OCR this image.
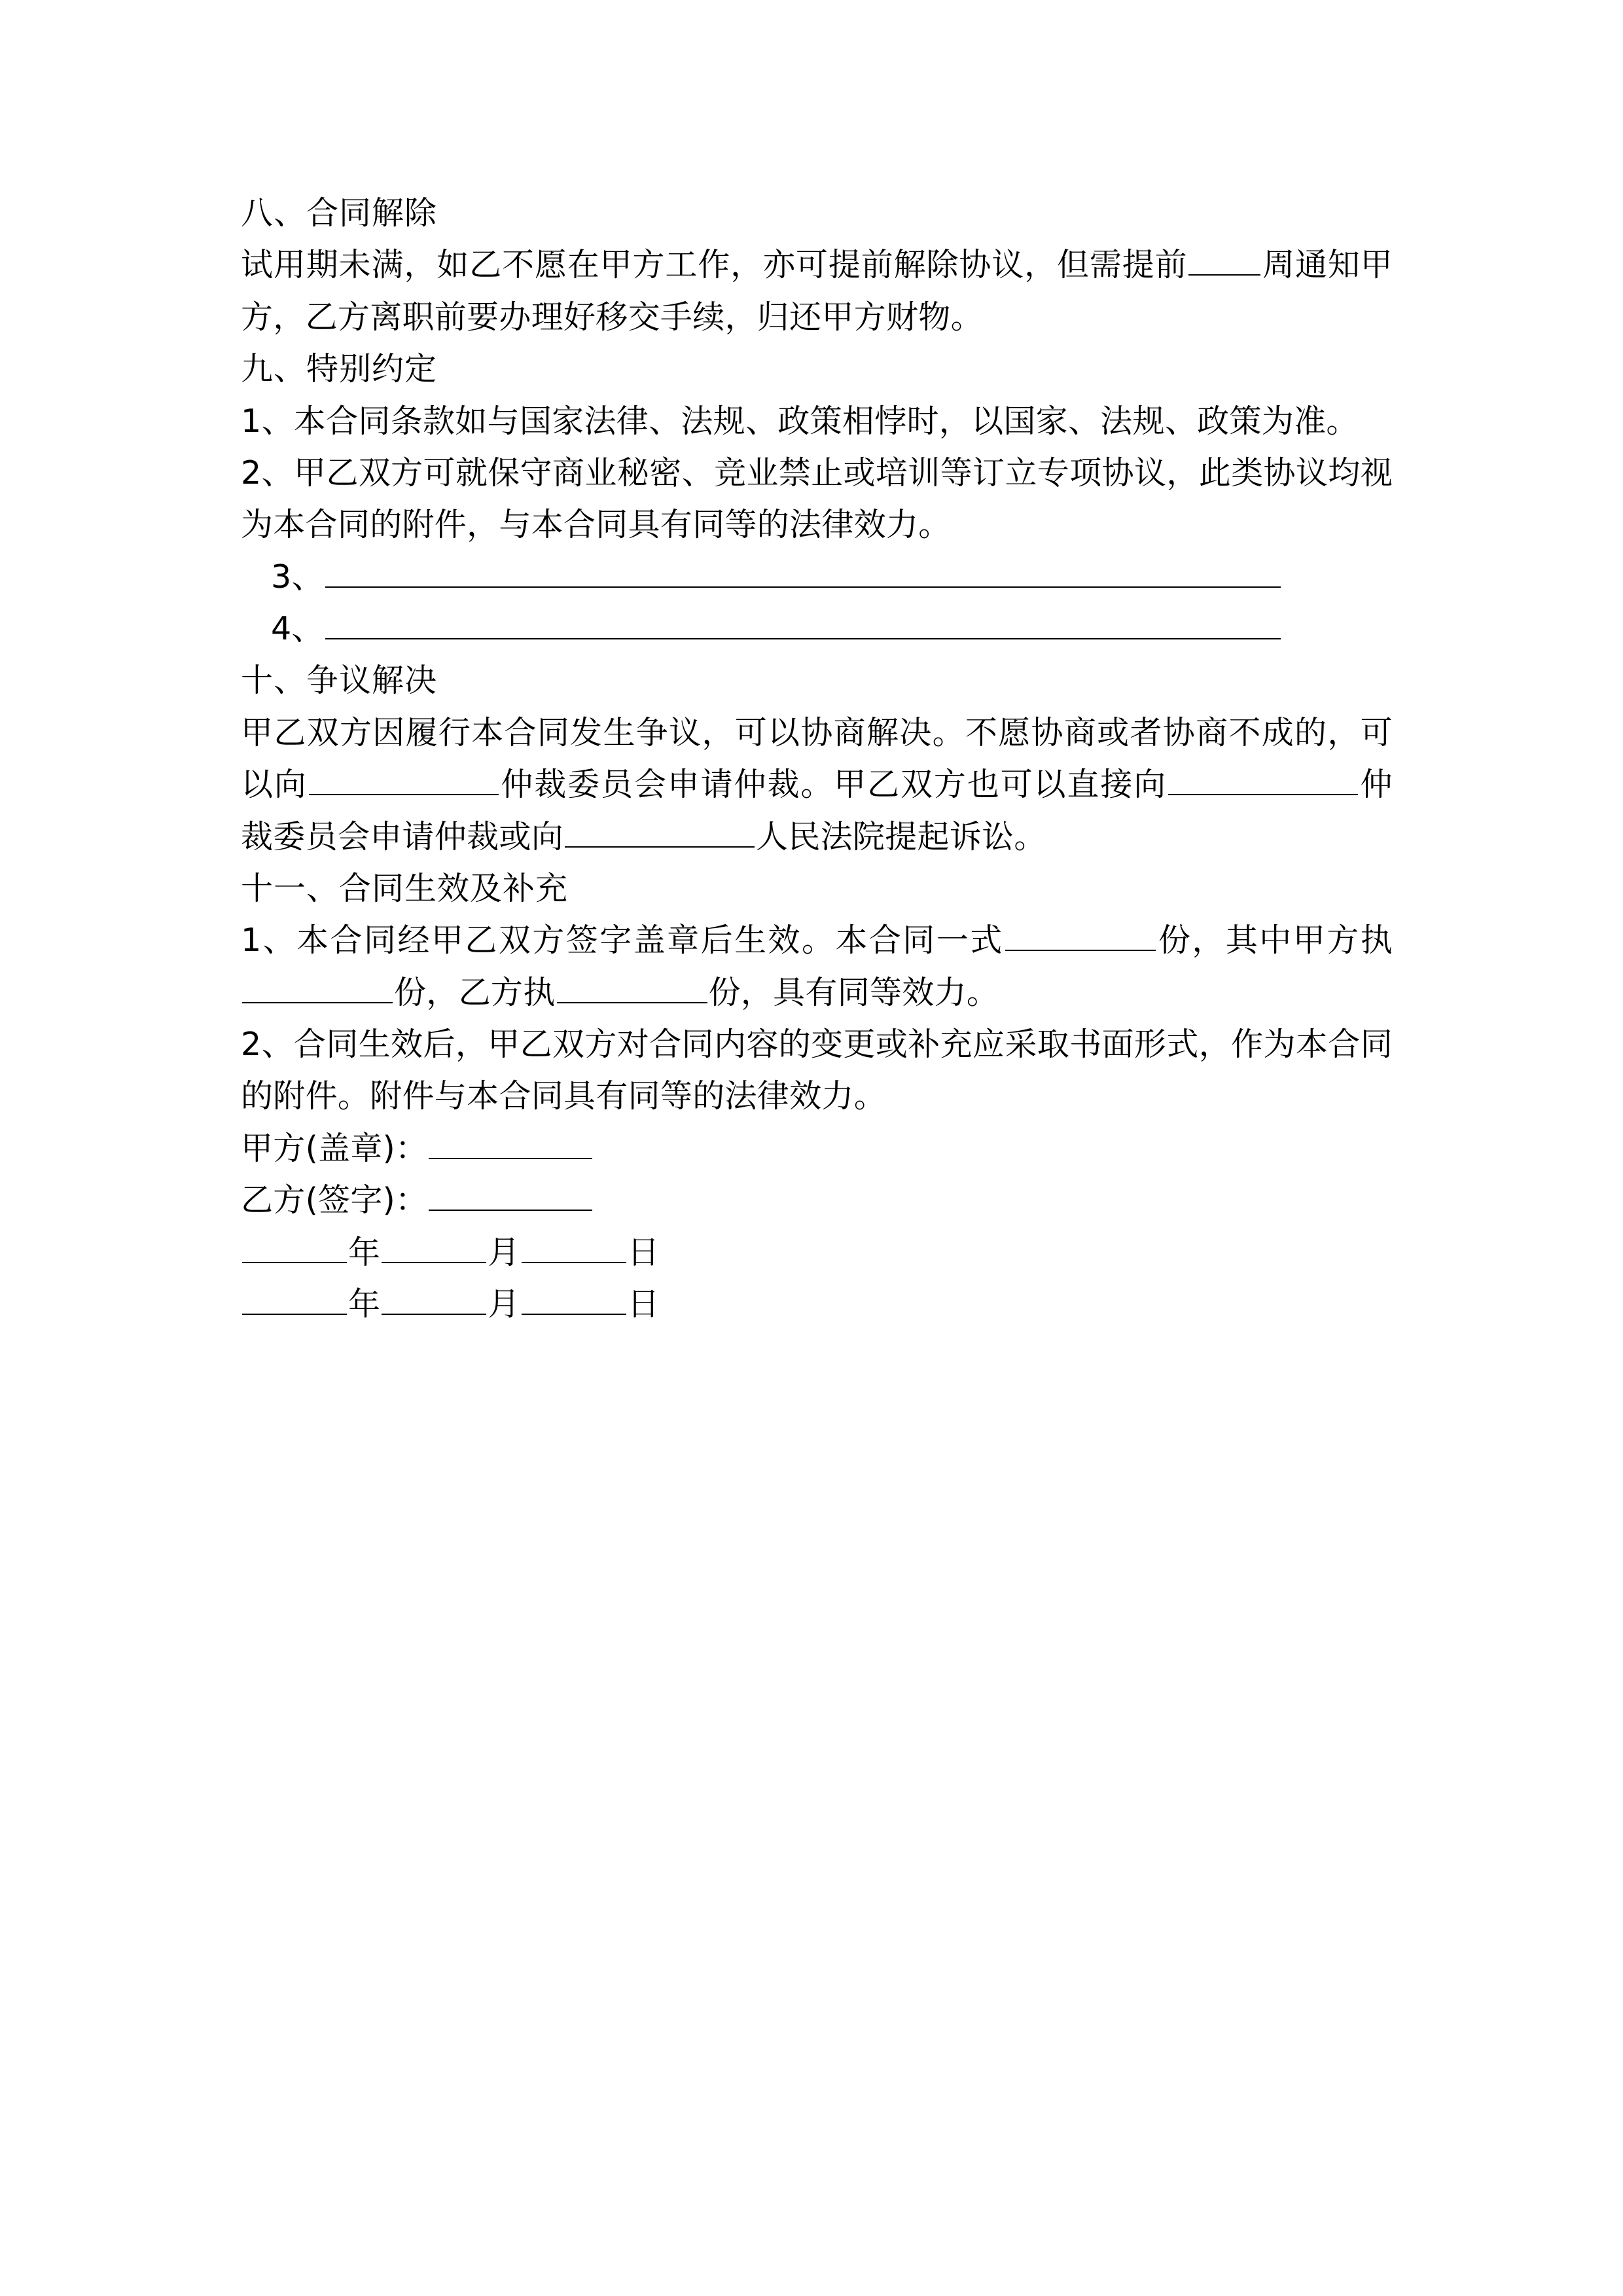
八、合同解除
试用期未满，如乙不愿在甲方工作，亦可提前解除协议，但需提前 周通知甲方，乙方离职前要办理好移交手续，归还甲方财物。
九、特别约定
1、本合同条款如与国家法律、法规、政策相悖时，以国家、法规、政策为准。
2、甲乙双方可就保守商业秘密、竞业禁止或培训等订立专项协议，此类协议均视为本合同的附件，与本合同具有同等的法律效力。
3、
4、
十、争议解决
甲乙双方因履行本合同发生争议，可以协商解决。不愿协商或者协商不成的，可以向	仲裁委员会申请仲裁。甲乙双方也可以直接向	仲裁委员会申请仲裁或向	人民法院提起诉讼。
十一、合同生效及补充
1、本合同经甲乙双方签字盖章后生效。本合同一式	份，其中甲方执份，乙方执	份，具有同等效力。
2、合同生效后，甲乙双方对合同内容的变更或补充应采取书面形式，作为本合同的附件。附件与本合同具有同等的法律效力。
甲方(盖章)：
乙方(签字)：
年	月	日
年	月	日
